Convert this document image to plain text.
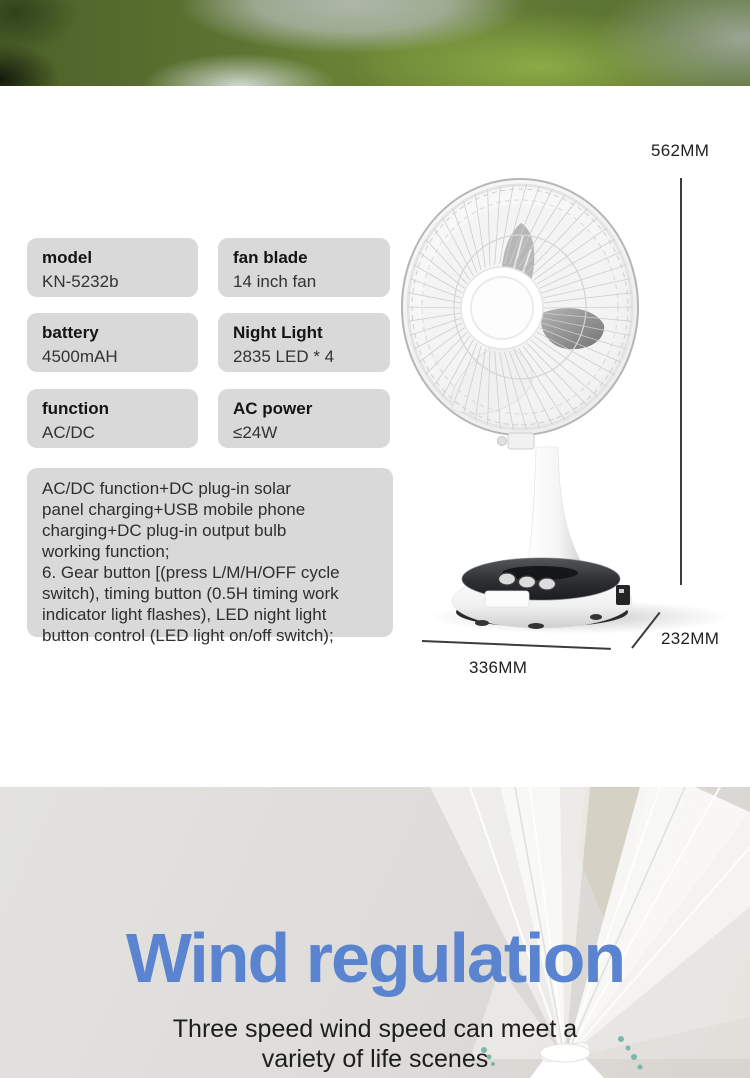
model
KN-5232b
fan blade
14 inch fan
battery
4500mAH
Night Light
2835 LED * 4
function
AC/DC
AC power
≤24W
AC/DC function+DC plug-in solar
panel charging+USB mobile phone
charging+DC plug-in output bulb
working function;
6. Gear button [(press L/M/H/OFF cycle
switch), timing button (0.5H timing work
indicator light flashes), LED night light
button control (LED light on/off switch);
562MM
232MM
336MM
Wind regulation
Three speed wind speed can meet a
variety of life scenes
